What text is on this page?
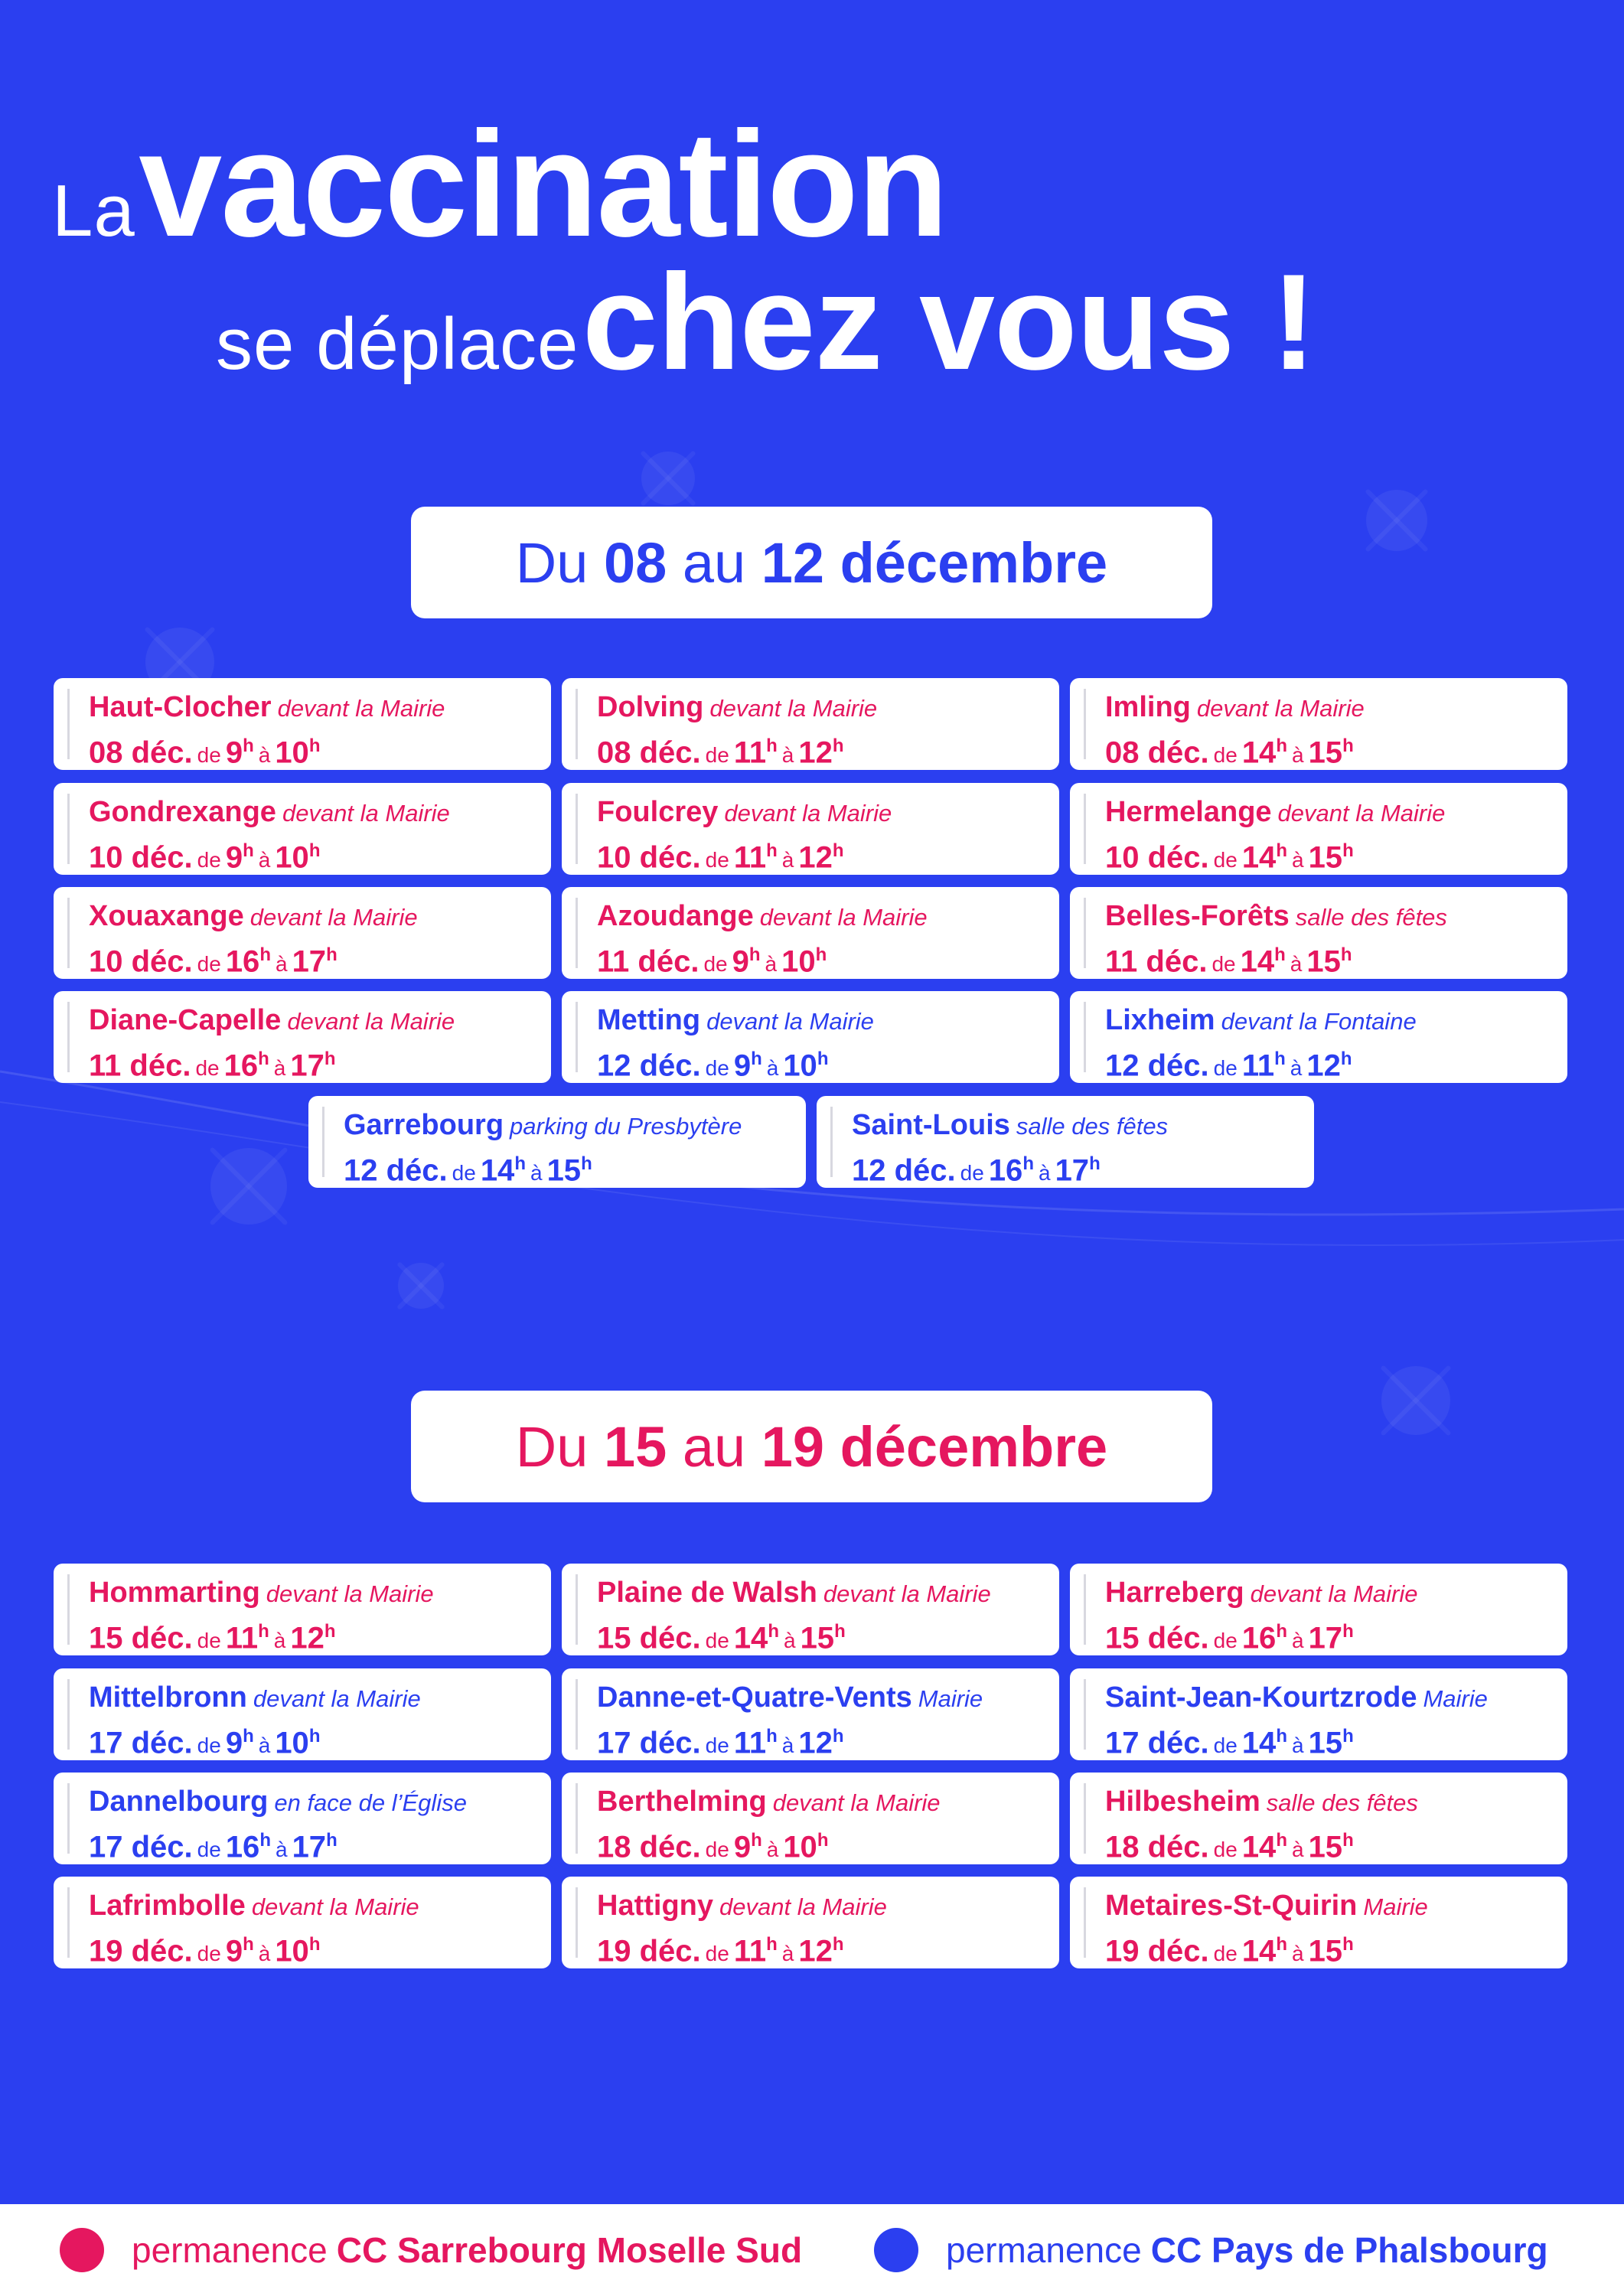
La vaccination
se déplace chez vous !
Du
08
au
12 décembre
Haut-Clocher devant la Mairie
08 déc. de 9$^h$ à 10$^h$
Dolving devant la Mairie
08 déc. de 11$^h$ à 12$^h$
Imling devant la Mairie
08 déc. de 14$^h$ à 15$^h$
Gondrexange devant la Mairie
10 déc. de 9$^h$ à 10$^h$
Foulcrey devant la Mairie
10 déc. de 11$^h$ à 12$^h$
Hermelange devant la Mairie
10 déc. de 14$^h$ à 15$^h$
Xouaxange devant la Mairie
10 déc. de 16$^h$ à 17$^h$
Azoudange devant la Mairie
11 déc. de 9$^h$ à 10$^h$
Belles-Forêts salle des fêtes
11 déc. de 14$^h$ à 15$^h$
Diane-Capelle devant la Mairie
11 déc. de 16$^h$ à 17$^h$
Metting devant la Mairie
12 déc. de 9$^h$ à 10$^h$
Lixheim devant la Fontaine
12 déc. de 11$^h$ à 12$^h$
Garrebourg parking du Presbytère
12 déc. de 14$^h$ à 15$^h$
Saint-Louis salle des fêtes
12 déc. de 16$^h$ à 17$^h$
Du
15
au
19 décembre
Hommarting devant la Mairie
15 déc. de 11$^h$ à 12$^h$
Plaine de Walsh devant la Mairie
15 déc. de 14$^h$ à 15$^h$
Harreberg devant la Mairie
15 déc. de 16$^h$ à 17$^h$
Mittelbronn devant la Mairie
17 déc. de 9$^h$ à 10$^h$
Danne-et-Quatre-Vents Mairie
17 déc. de 11$^h$ à 12$^h$
Saint-Jean-Kourtzrode Mairie
17 déc. de 14$^h$ à 15$^h$
Dannelbourg en face de l’Église
17 déc. de 16$^h$ à 17$^h$
Berthelming devant la Mairie
18 déc. de 9$^h$ à 10$^h$
Hilbesheim salle des fêtes
18 déc. de 14$^h$ à 15$^h$
Lafrimbolle devant la Mairie
19 déc. de 9$^h$ à 10$^h$
Hattigny devant la Mairie
19 déc. de 11$^h$ à 12$^h$
Metaires-St-Quirin Mairie
19 déc. de 14$^h$ à 15$^h$
permanence CC Sarrebourg Moselle Sud	permanence CC Pays de Phalsbourg
